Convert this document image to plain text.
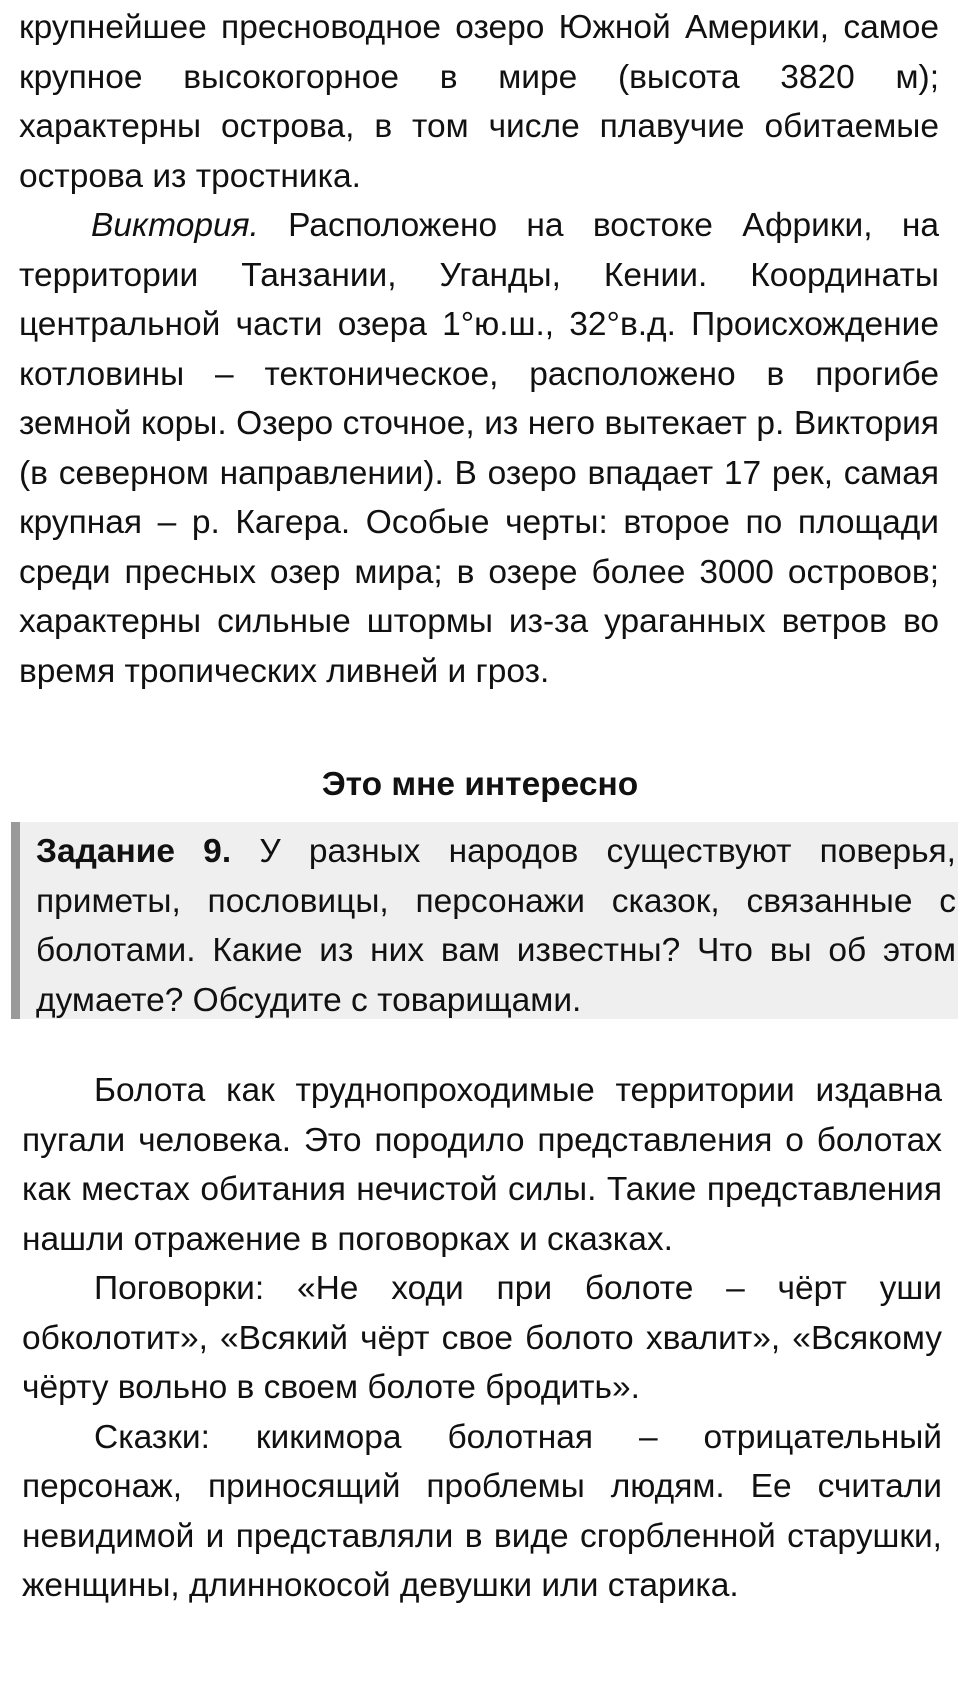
крупнейшее пресноводное озеро Южной Америки, самое крупное высокогорное в мире (высота 3820 м); характерны острова, в том числе плавучие обитаемые острова из тростника.

Виктория. Расположено на востоке Африки, на территории Танзании, Уганды, Кении. Координаты центральной части озера 1°ю.ш., 32°в.д. Происхождение котловины – тектоническое, расположено в прогибе земной коры. Озеро сточное, из него вытекает р. Виктория (в северном направлении). В озеро впадает 17 рек, самая крупная – р. Кагера. Особые черты: второе по площади среди пресных озер мира; в озере более 3000 островов; характерны сильные штормы из-за ураганных ветров во время тропических ливней и гроз.

Это мне интересно

Задание 9. У разных народов существуют поверья, приметы, пословицы, персонажи сказок, связанные с болотами. Какие из них вам известны? Что вы об этом думаете? Обсудите с товарищами.

Болота как труднопроходимые территории издавна пугали человека. Это породило представления о болотах как местах обитания нечистой силы. Такие представления нашли отражение в поговорках и сказках.

Поговорки: «Не ходи при болоте – чёрт уши обколотит», «Всякий чёрт свое болото хвалит», «Всякому чёрту вольно в своем болоте бродить».

Сказки: кикимора болотная – отрицательный персонаж, приносящий проблемы людям. Ее считали невидимой и представляли в виде сгорбленной старушки, женщины, длиннокосой девушки или старика.
